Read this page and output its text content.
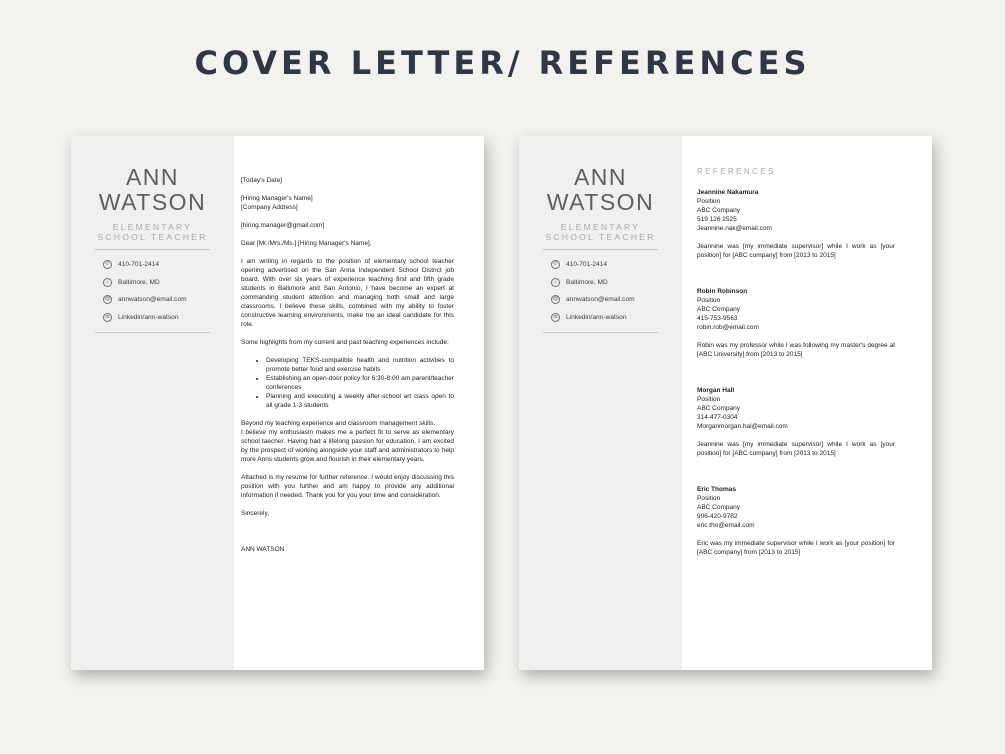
COVER LETTER/ REFERENCES
ANN
WATSON
ELEMENTARY
SCHOOL TEACHER
✆	410-701-2414
⌂	Baltimore, MD
@ annwatson@email.com
in	Linkedin/ann-watson

[Today's Date]

[Hiring Manager's Name]
[Company Address]

[hiring.manager@gmail.com]

Dear [Mr./Mrs./Ms.] [Hiring Manager's Name],

I am writing in regards to the position of elementary school teacher opening advertised on the San Anna Independent School District job board. With over six years of experience teaching first and fifth grade students in Baltimore and San Antonio, I have become an expert at commanding student attention and managing both small and large classrooms. I believe these skills, combined with my ability to foster constructive learning environments, make me an ideal candidate for this role.

Some highlights from my current and past teaching experiences include:

• Developing TEKS-compatible health and nutrition activities to promote better food and exercise habits
• Establishing an open-door policy for 6:30-8:00 am parent/teacher conferences
• Planning and executing a weekly after-school art class open to all grade 1-3 students

Beyond my teaching experience and classroom management skills,
I believe my enthusiasm makes me a perfect fit to serve as elementary school taecher. Having had a lifelong passion for education, I am excited by the prospect of working alongside your staff and administrators to help more Anns students grow and flourish in their elementary years.

Attached is my resume for further reference. I would enjoy discussing this position with you further and am happy to provide any additional information if needed. Thank you for you your time and consideration.

Sincerely,

ANN WATSON

ANN
WATSON
ELEMENTARY
SCHOOL TEACHER
✆	410-701-2414
⌂	Baltimore, MD
@ annwatson@email.com
in	Linkedin/ann-watson
REFERENCES
Jeannine Nakamura
Position
ABC Company
519 126 2525
Jeannine.nak@email.com
Jeannine was [my immediate supervisor] while I work as [your position] for [ABC company] from [2013 to 2015]
Robin Robinson
Position
ABC Company
415-753-9563
robin.rob@email.com
Robin was my professor while I was following my master's degree at [ABC University] from [2013 to 2015]
Morgan Hall
Position
ABC Company
314-477-0304
Morganmorgan.hal@email.com
Jeannine was [my immediate supervisor] while I work as [your position] for [ABC company] from [2013 to 2015]
Eric Thomas
Position
ABC Company
906-420-9782
eric.tho@email.com
Eric was my immediate supervisor while I work as [your position] for [ABC company] from [2013 to 2015]
